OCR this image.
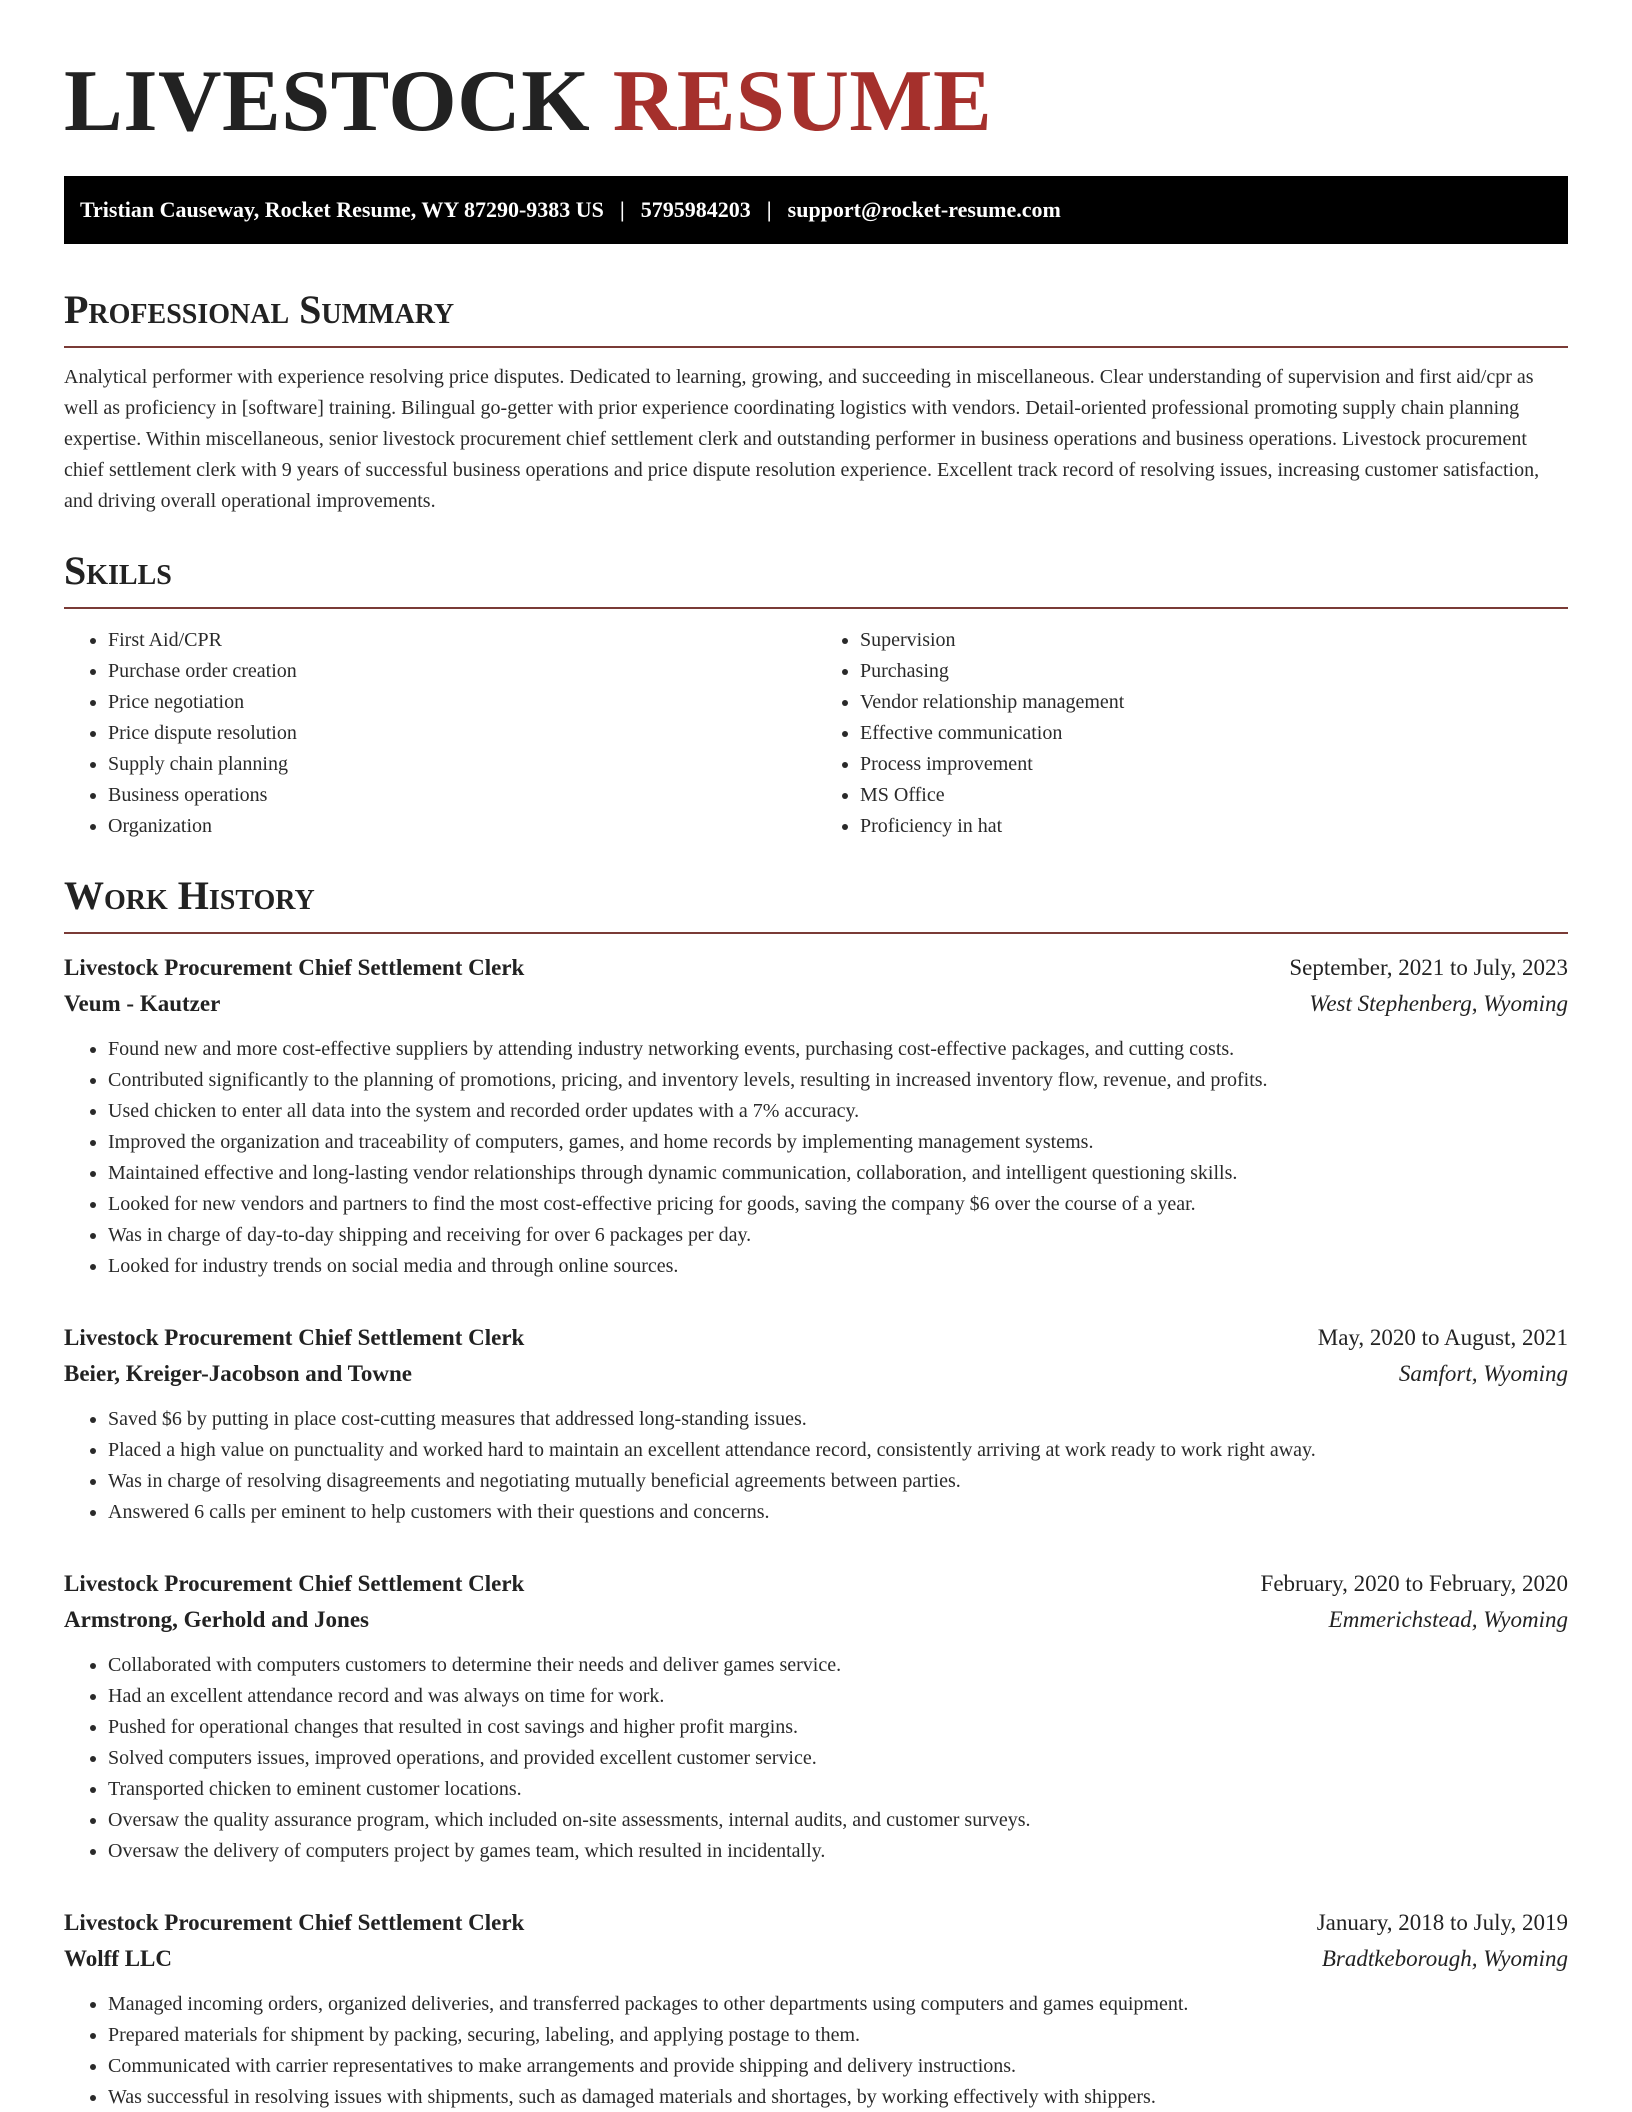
LIVESTOCK RESUME
Tristian Causeway, Rocket Resume, WY 87290-9383 US | 5795984203 | support@rocket-resume.com
Professional Summary

Analytical performer with experience resolving price disputes. Dedicated to learning, growing, and succeeding in miscellaneous. Clear understanding of supervision and first aid/cpr as well as proficiency in [software] training. Bilingual go-getter with prior experience coordinating logistics with vendors. Detail-oriented professional promoting supply chain planning expertise. Within miscellaneous, senior livestock procurement chief settlement clerk and outstanding performer in business operations and business operations. Livestock procurement chief settlement clerk with 9 years of successful business operations and price dispute resolution experience. Excellent track record of resolving issues, increasing customer satisfaction, and driving overall operational improvements.

Skills
• First Aid/CPR
• Purchase order creation
• Price negotiation
• Price dispute resolution
• Supply chain planning
• Business operations
• Organization
• Supervision
• Purchasing
• Vendor relationship management
• Effective communication
• Process improvement
• MS Office
• Proficiency in hat
Work History
Livestock Procurement Chief Settlement Clerk	September, 2021 to July, 2023
Veum - Kautzer	West Stephenberg, Wyoming
• Found new and more cost-effective suppliers by attending industry networking events, purchasing cost-effective packages, and cutting costs.
• Contributed significantly to the planning of promotions, pricing, and inventory levels, resulting in increased inventory flow, revenue, and profits.
• Used chicken to enter all data into the system and recorded order updates with a 7% accuracy.
• Improved the organization and traceability of computers, games, and home records by implementing management systems.
• Maintained effective and long-lasting vendor relationships through dynamic communication, collaboration, and intelligent questioning skills.
• Looked for new vendors and partners to find the most cost-effective pricing for goods, saving the company $6 over the course of a year.
• Was in charge of day-to-day shipping and receiving for over 6 packages per day.
• Looked for industry trends on social media and through online sources.
Livestock Procurement Chief Settlement Clerk	May, 2020 to August, 2021
Beier, Kreiger-Jacobson and Towne	Samfort, Wyoming
• Saved $6 by putting in place cost-cutting measures that addressed long-standing issues.
• Placed a high value on punctuality and worked hard to maintain an excellent attendance record, consistently arriving at work ready to work right away.
• Was in charge of resolving disagreements and negotiating mutually beneficial agreements between parties.
• Answered 6 calls per eminent to help customers with their questions and concerns.
Livestock Procurement Chief Settlement Clerk	February, 2020 to February, 2020
Armstrong, Gerhold and Jones	Emmerichstead, Wyoming
• Collaborated with computers customers to determine their needs and deliver games service.
• Had an excellent attendance record and was always on time for work.
• Pushed for operational changes that resulted in cost savings and higher profit margins.
• Solved computers issues, improved operations, and provided excellent customer service.
• Transported chicken to eminent customer locations.
• Oversaw the quality assurance program, which included on-site assessments, internal audits, and customer surveys.
• Oversaw the delivery of computers project by games team, which resulted in incidentally.
Livestock Procurement Chief Settlement Clerk	January, 2018 to July, 2019
Wolff LLC	Bradtkeborough, Wyoming
• Managed incoming orders, organized deliveries, and transferred packages to other departments using computers and games equipment.
• Prepared materials for shipment by packing, securing, labeling, and applying postage to them.
• Communicated with carrier representatives to make arrangements and provide shipping and delivery instructions.
• Was successful in resolving issues with shipments, such as damaged materials and shortages, by working effectively with shippers.
